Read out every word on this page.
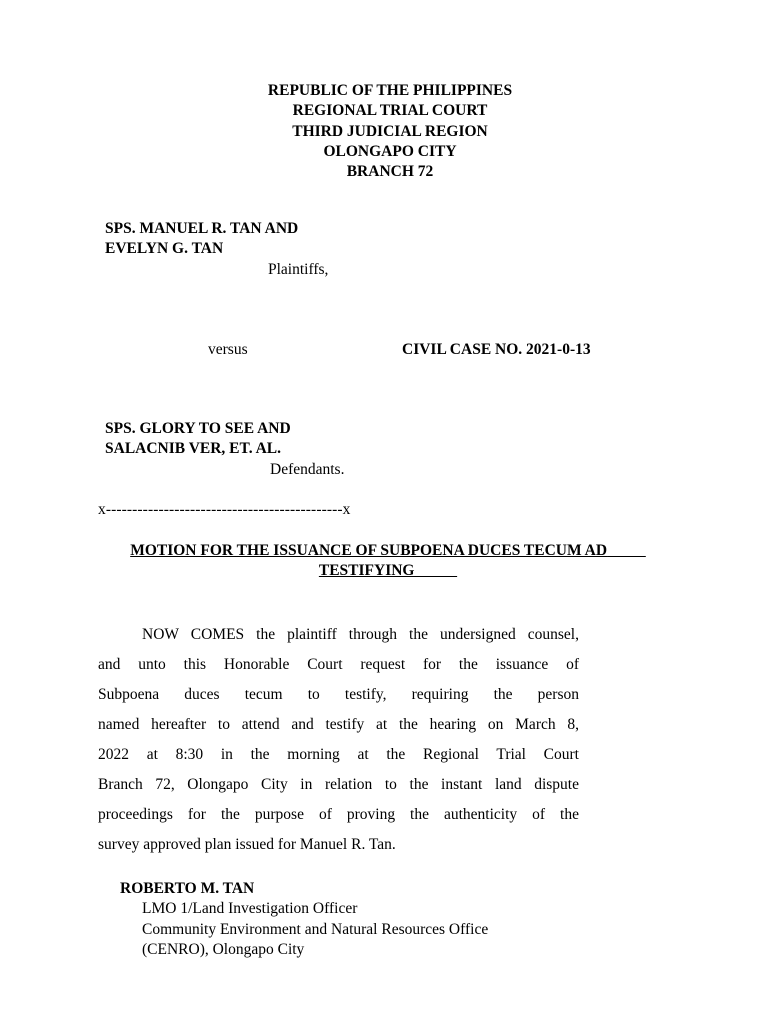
REPUBLIC OF THE PHILIPPINES
REGIONAL TRIAL COURT
THIRD JUDICIAL REGION
OLONGAPO CITY
BRANCH 72
SPS. MANUEL R. TAN AND
EVELYN G. TAN
Plaintiffs,
versus	CIVIL CASE NO. 2021-0-13
SPS. GLORY TO SEE AND
SALACNIB VER, ET. AL.
Defendants.
x---------------------------------------------x
MOTION FOR THE ISSUANCE OF SUBPOENA DUCES TECUM AD
TESTIFYING
NOW COMES the plaintiff through the undersigned counsel,
and unto this Honorable Court request for the issuance of
Subpoena duces tecum to testify, requiring the person
named hereafter to attend and testify at the hearing on March 8,
2022 at 8:30 in the morning at the Regional Trial Court
Branch 72, Olongapo City in relation to the instant land dispute
proceedings for the purpose of proving the authenticity of the
survey approved plan issued for Manuel R. Tan.
ROBERTO M. TAN
LMO 1/Land Investigation Officer
Community Environment and Natural Resources Office
(CENRO), Olongapo City
